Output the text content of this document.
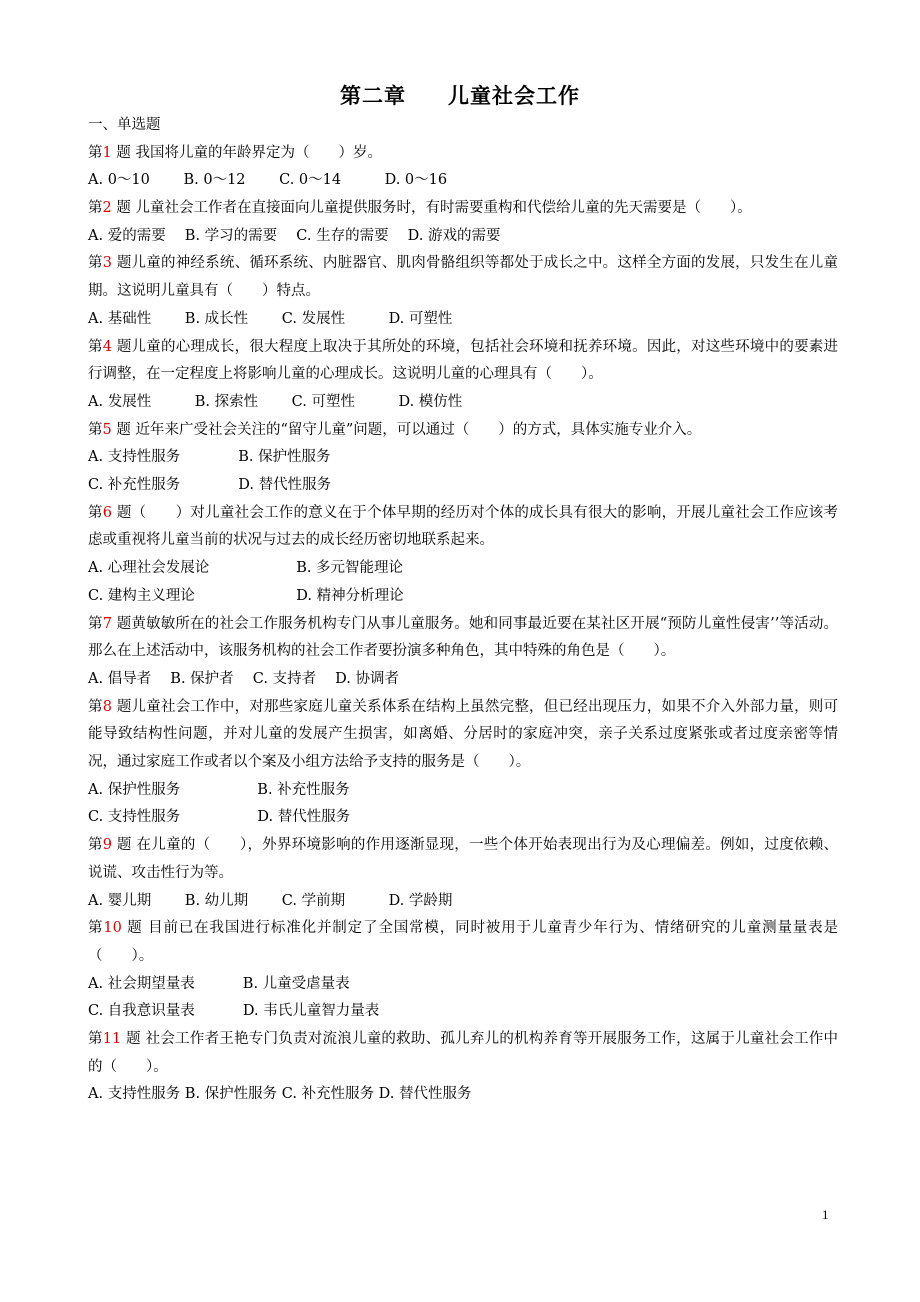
第二章 儿童社会工作
一、单选题
第1 题 我国将儿童的年龄界定为（　　）岁。
A. 0～10　　 B. 0～12　　 C. 0～14　　　D. 0～16
第2 题 儿童社会工作者在直接面向儿童提供服务时，有时需要重构和代偿给儿童的先天需要是（　　）。
A. 爱的需要　 B. 学习的需要　 C. 生存的需要　 D. 游戏的需要
第3 题儿童的神经系统、循环系统、内脏器官、肌肉骨骼组织等都处于成长之中。这样全方面的发展，只发生在儿童期。这说明儿童具有（　　）特点。
A. 基础性　　 B. 成长性　　 C. 发展性　　　D. 可塑性
第4 题儿童的心理成长，很大程度上取决于其所处的环境，包括社会环境和抚养环境。因此，对这些环境中的要素进行调整，在一定程度上将影响儿童的心理成长。这说明儿童的心理具有（　　）。
A. 发展性　　　B. 探索性　　 C. 可塑性　　　D. 模仿性
第5 题 近年来广受社会关注的“留守儿童”问题，可以通过（　　）的方式，具体实施专业介入。
A. 支持性服务　　　　B. 保护性服务
C. 补充性服务　　　　D. 替代性服务
第6 题（　　）对儿童社会工作的意义在于个体早期的经历对个体的成长具有很大的影响，开展儿童社会工作应该考虑或重视将儿童当前的状况与过去的成长经历密切地联系起来。
A. 心理社会发展论　　　　　　B. 多元智能理论
C. 建构主义理论　　　　　　　D. 精神分析理论
第7 题黄敏敏所在的社会工作服务机构专门从事儿童服务。她和同事最近要在某社区开展“预防儿童性侵害’’等活动。那么在上述活动中，该服务机构的社会工作者要扮演多种角色，其中特殊的角色是（　　）。
A. 倡导者　 B. 保护者　 C. 支持者　 D. 协调者
第8 题儿童社会工作中，对那些家庭儿童关系体系在结构上虽然完整，但已经出现压力，如果不介入外部力量，则可能导致结构性问题，并对儿童的发展产生损害，如离婚、分居时的家庭冲突，亲子关系过度紧张或者过度亲密等情况，通过家庭工作或者以个案及小组方法给予支持的服务是（　　）。
A. 保护性服务　　　　　 B. 补充性服务
C. 支持性服务　　　　　 D. 替代性服务
第9 题 在儿童的（　　），外界环境影响的作用逐渐显现，一些个体开始表现出行为及心理偏差。例如，过度依赖、说谎、攻击性行为等。
A. 婴儿期　　 B. 幼儿期　　 C. 学前期　　　D. 学龄期
第10 题 目前已在我国进行标准化并制定了全国常模，同时被用于儿童青少年行为、情绪研究的儿童测量量表是（　　）。
A. 社会期望量表　　　 B. 儿童受虐量表
C. 自我意识量表　　　 D. 韦氏儿童智力量表
第11 题 社会工作者王艳专门负责对流浪儿童的救助、孤儿弃儿的机构养育等开展服务工作，这属于儿童社会工作中的（　　）。
A. 支持性服务 B. 保护性服务 C. 补充性服务 D. 替代性服务
1
